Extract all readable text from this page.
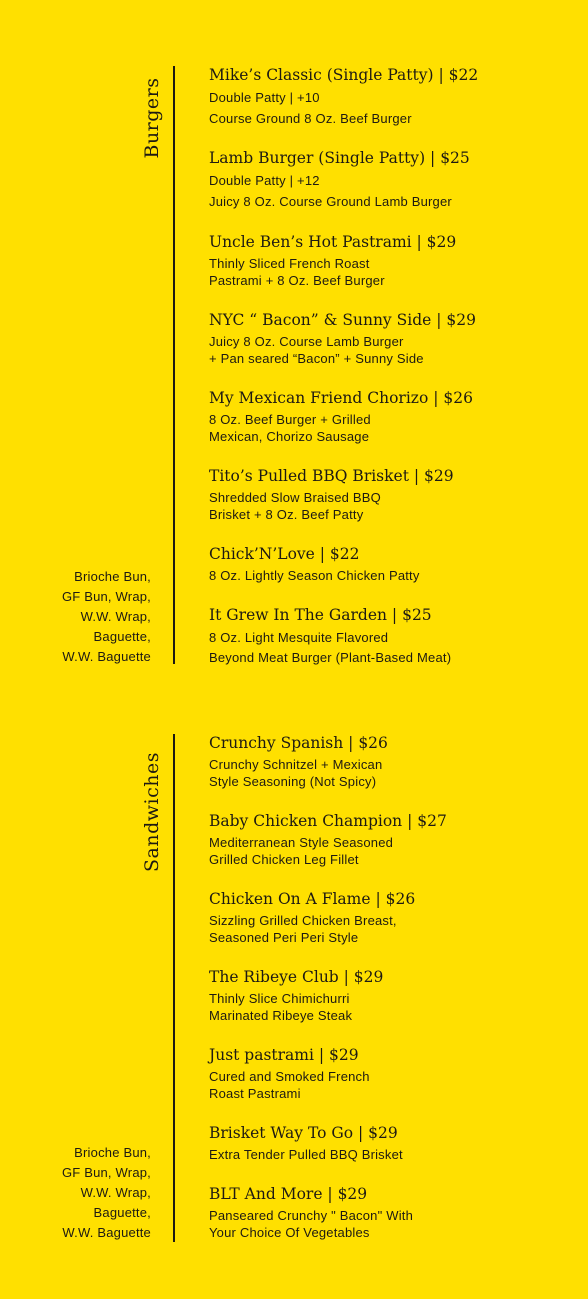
Burgers
Brioche Bun,
GF Bun, Wrap,
W.W. Wrap,
Baguette,
W.W. Baguette
Mike’s Classic (Single Patty) | $22
Double Patty | +10
Course Ground 8 Oz. Beef Burger
Lamb Burger (Single Patty) | $25
Double Patty | +12
Juicy 8 Oz. Course Ground Lamb Burger
Uncle Ben’s Hot Pastrami | $29
Thinly Sliced French Roast
Pastrami + 8 Oz. Beef Burger
NYC “ Bacon” & Sunny Side | $29
Juicy 8 Oz. Course Lamb Burger
+ Pan seared “Bacon” + Sunny Side
My Mexican Friend Chorizo | $26
8 Oz. Beef Burger + Grilled
Mexican, Chorizo Sausage
Tito’s Pulled BBQ Brisket | $29
Shredded Slow Braised BBQ
Brisket + 8 Oz. Beef Patty
Chick’N’Love | $22
8 Oz. Lightly Season Chicken Patty
It Grew In The Garden | $25
8 Oz. Light Mesquite Flavored
Beyond Meat Burger (Plant-Based Meat)
Sandwiches
Brioche Bun,
GF Bun, Wrap,
W.W. Wrap,
Baguette,
W.W. Baguette
Crunchy Spanish | $26
Crunchy Schnitzel + Mexican
Style Seasoning (Not Spicy)
Baby Chicken Champion | $27
Mediterranean Style Seasoned
Grilled Chicken Leg Fillet
Chicken On A Flame | $26
Sizzling Grilled Chicken Breast,
Seasoned Peri Peri Style
The Ribeye Club | $29
Thinly Slice Chimichurri
Marinated Ribeye Steak
Just pastrami | $29
Cured and Smoked French
Roast Pastrami
Brisket Way To Go | $29
Extra Tender Pulled BBQ Brisket
BLT And More | $29
Panseared Crunchy " Bacon" With
Your Choice Of Vegetables
